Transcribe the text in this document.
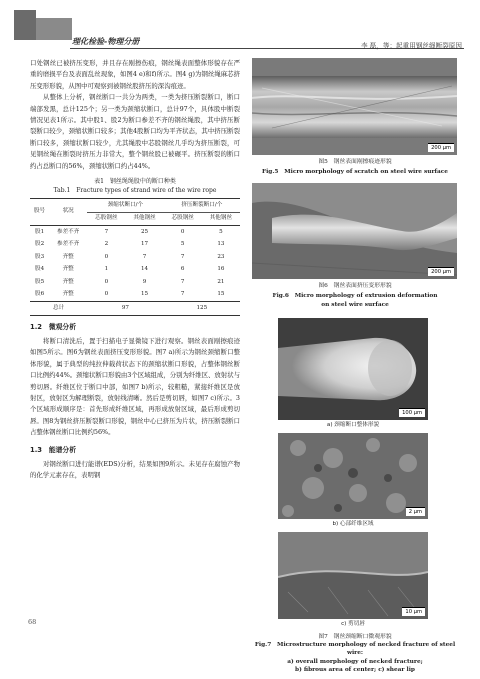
理化检验-物理分册	李 磊，等：起重用钢丝绳断裂原因

口处钢丝已被挤压变形，并且存在剐擦伤痕，钢丝绳表面整体形貌存在严重的磨损平台及表面乱丝现象，如图4 e)和f)所示。图4 g)为钢丝绳麻芯挤压变形形貌，从图中可观察到被钢丝股挤压的深沟痕迹。

从整体上分析，钢丝断口一共分为两类，一类为挤压断裂断口，断口端部发黑，总计125个；另一类为颈缩状断口，总计97个，具体股中断裂情况见表1所示。其中股1、股2为断口参差不齐的钢丝绳股，其中挤压断裂断口较少，颈缩状断口较多；其他4股断口均为平齐状态，其中挤压断裂断口较多，颈缩状断口较少，尤其绳股中芯股钢丝几乎均为挤压断裂，可见钢丝绳在断裂时挤压力非常大，整个钢丝股已被碾平。挤压断裂的断口约占总断口的56%，颈缩状断口约占44%。

表1　钢丝绳绳股中的断口种类
Tab.1　Fracture types of strand wire of the wire rope
股号	状况	颈缩状断口/个		挤压断裂断口/个	
		芯股钢丝	其他钢丝	芯股钢丝	其他钢丝
股1	参差不齐	7	25	0	5
股2	参差不齐	2	17	5	13
股3	齐整	0	7	7	23
股4	齐整	1	14	6	16
股5	齐整	0	9	7	21
股6	齐整	0	15	7	15
总计		97		125	
1.2　微观分析

将断口清洗后，置于扫描电子显微镜下进行观察。钢丝表面剐擦痕迹如图5所示。图6为钢丝表面挤压变形形貌。图7 a)所示为钢丝颈缩断口整体形貌，属于典型的纯拉伸载荷状态下的颈缩状断口形貌，占整体钢丝断口比例约44%。颈缩状断口形貌由3个区域组成，分别为纤维区、放射状与剪切唇。纤维区位于断口中部，如图7 b)所示，较粗糙，紧接纤维区是放射区，放射区为解理断裂，放射线清晰。然后是剪切唇，如图7 c)所示。3个区域形成顺序是：首先形成纤维区域，再形成放射区域，最后形成剪切唇。图8为钢丝挤压断裂断口形貌，钢丝中心已挤压为片状，挤压断裂断口占整体钢丝断口比例约56%。

1.3　能谱分析

对钢丝断口进行能谱(EDS)分析，结果如图9所示。未见存在腐蚀产物的化学元素存在，表明钢

68
200 μm
图5　钢丝表面剐擦痕迹形貌
Fig.5　Micro morphology of scratch on steel wire surface
200 μm
图6　钢丝表面挤压变形形貌
Fig.6　Micro morphology of extrusion deformation
on steel wire surface
100 μm
a) 颈缩断口整体形貌
2 μm
b) 心部纤维区域
10 μm
c) 剪切唇
图7　钢丝颈缩断口微观形貌
Fig.7　Microstructure morphology of necked fracture of steel wire:
a) overall morphology of necked fracture;
b) fibrous area of center; c) shear lip
